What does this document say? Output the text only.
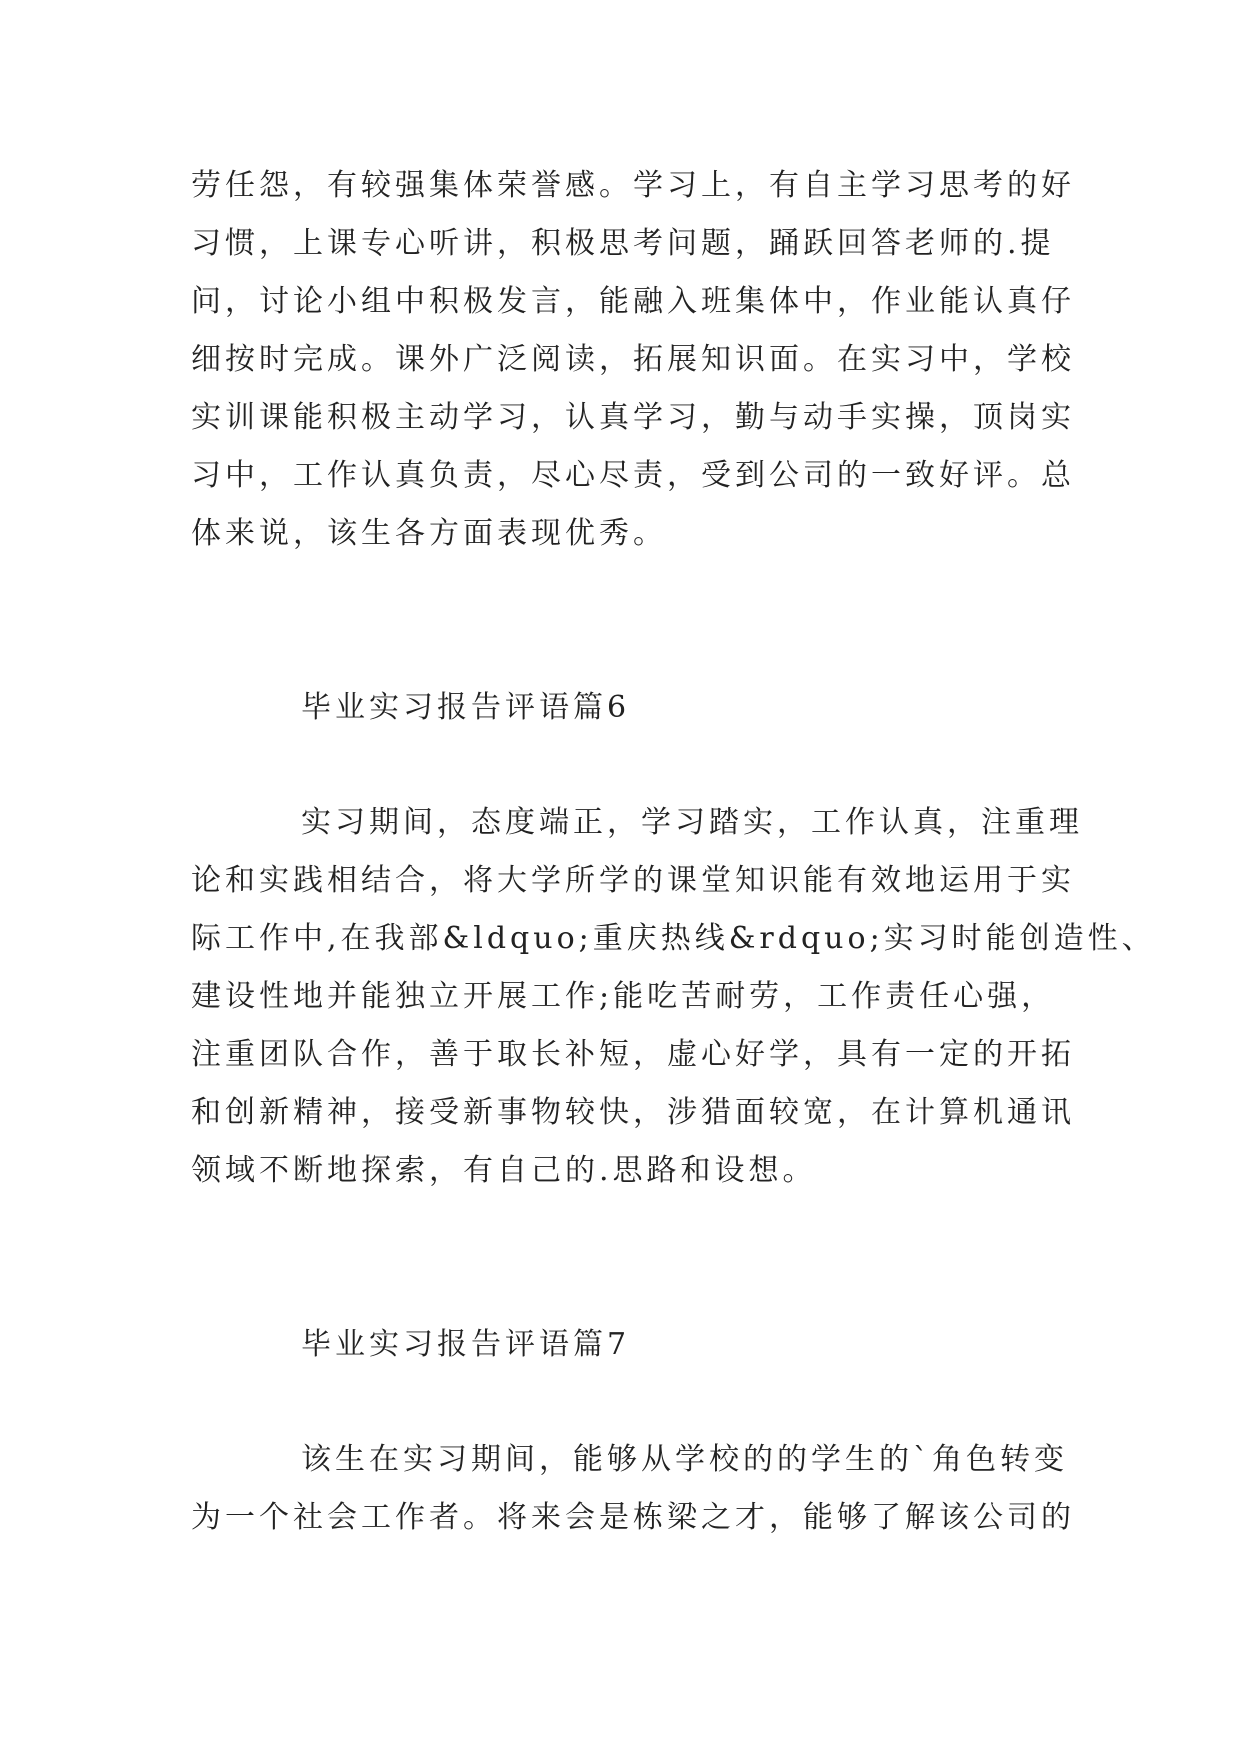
劳任怨，有较强集体荣誉感。学习上，有自主学习思考的好

习惯，上课专心听讲，积极思考问题，踊跃回答老师的.提

问，讨论小组中积极发言，能融入班集体中，作业能认真仔

细按时完成。课外广泛阅读，拓展知识面。在实习中，学校

实训课能积极主动学习，认真学习，勤与动手实操，顶岗实

习中，工作认真负责，尽心尽责，受到公司的一致好评。总

体来说，该生各方面表现优秀。

毕业实习报告评语篇6

实习期间，态度端正，学习踏实，工作认真，注重理

论和实践相结合，将大学所学的课堂知识能有效地运用于实

际工作中,在我部&ldquo;重庆热线&rdquo;实习时能创造性、

建设性地并能独立开展工作;能吃苦耐劳，工作责任心强，

注重团队合作，善于取长补短，虚心好学，具有一定的开拓

和创新精神，接受新事物较快，涉猎面较宽，在计算机通讯

领域不断地探索，有自己的.思路和设想。

毕业实习报告评语篇7

该生在实习期间，能够从学校的的学生的`角色转变

为一个社会工作者。将来会是栋梁之才，能够了解该公司的
